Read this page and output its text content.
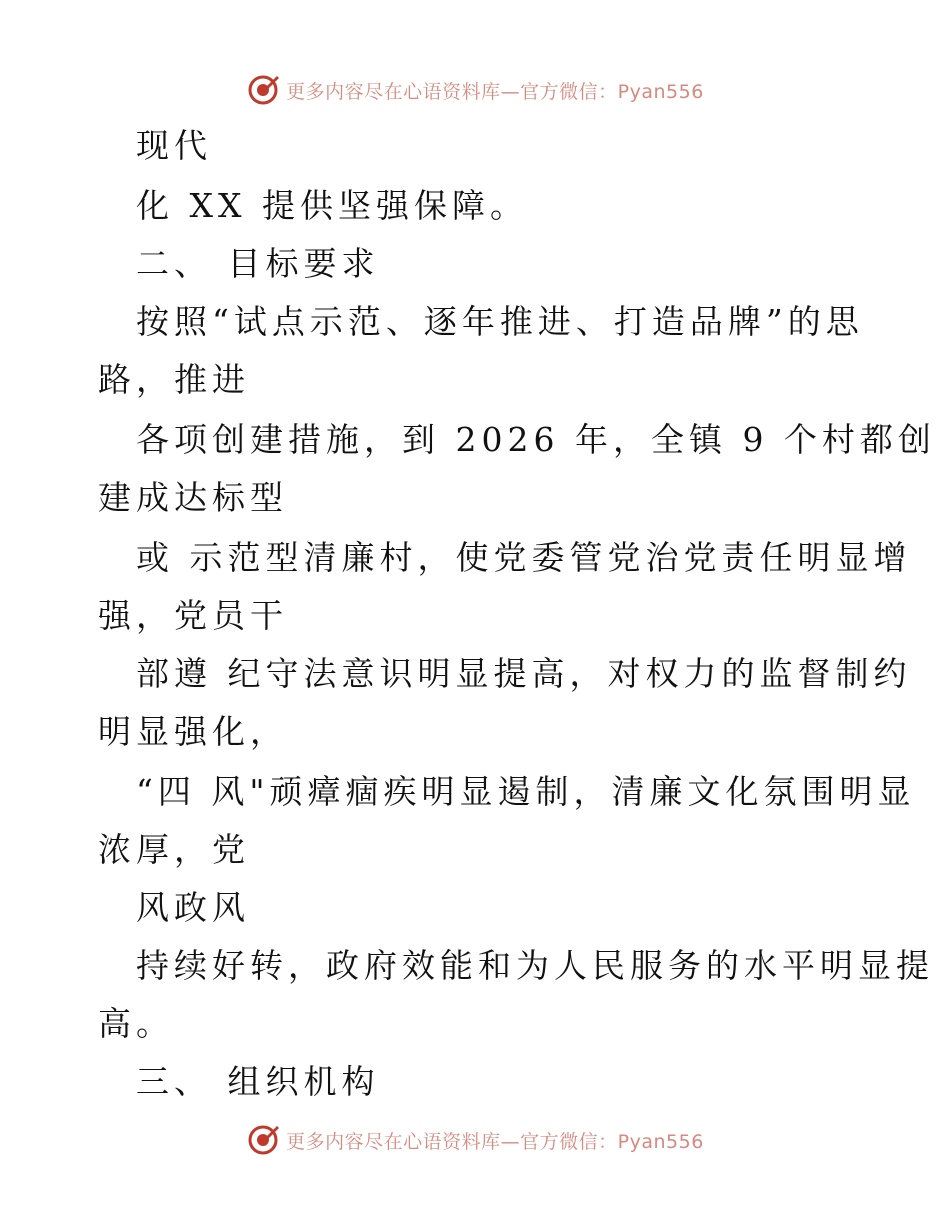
更多内容尽在心语资料库—官方微信：Pyan556
现代
化 XX 提供坚强保障。
二、 目标要求
按照“试点示范、逐年推进、打造品牌”的思
路，推进
各项创建措施，到 2026 年，全镇 9 个村都创
建成达标型
或 示范型清廉村，使党委管党治党责任明显增
强，党员干
部遵 纪守法意识明显提高，对权力的监督制约
明显强化，
“四 风"顽瘴痼疾明显遏制，清廉文化氛围明显
浓厚，党
风政风
持续好转，政府效能和为人民服务的水平明显提
高。
三、 组织机构
更多内容尽在心语资料库—官方微信：Pyan556
